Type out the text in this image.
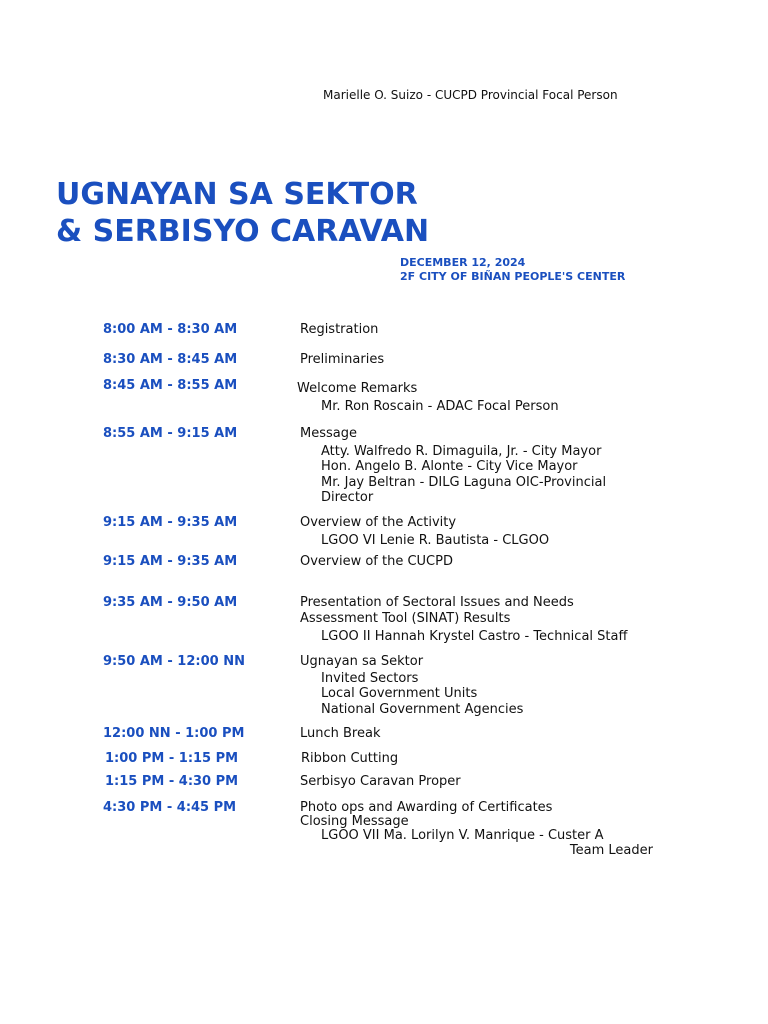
Marielle O. Suizo - CUCPD Provincial Focal Person
UGNAYAN SA SEKTOR
& SERBISYO CARAVAN
DECEMBER 12, 2024
2F CITY OF BIÑAN PEOPLE'S CENTER
8:00 AM - 8:30 AM	Registration
8:30 AM - 8:45 AM	Preliminaries
8:45 AM - 8:55 AM	Welcome Remarks
Mr. Ron Roscain - ADAC Focal Person
8:55 AM - 9:15 AM	Message
Atty. Walfredo R. Dimaguila, Jr. - City Mayor
Hon. Angelo B. Alonte - City Vice Mayor
Mr. Jay Beltran - DILG Laguna OIC-Provincial
Director
9:15 AM - 9:35 AM	Overview of the Activity
LGOO VI Lenie R. Bautista - CLGOO
9:15 AM - 9:35 AM	Overview of the CUCPD
9:35 AM - 9:50 AM	Presentation of Sectoral Issues and Needs
Assessment Tool (SINAT) Results
LGOO II Hannah Krystel Castro - Technical Staff
9:50 AM - 12:00 NN	Ugnayan sa Sektor
Invited Sectors
Local Government Units
National Government Agencies
12:00 NN - 1:00 PM	Lunch Break
1:00 PM - 1:15 PM	Ribbon Cutting
1:15 PM - 4:30 PM	Serbisyo Caravan Proper
4:30 PM - 4:45 PM	Photo ops and Awarding of Certificates
Closing Message
LGOO VII Ma. Lorilyn V. Manrique - Custer A
Team Leader
